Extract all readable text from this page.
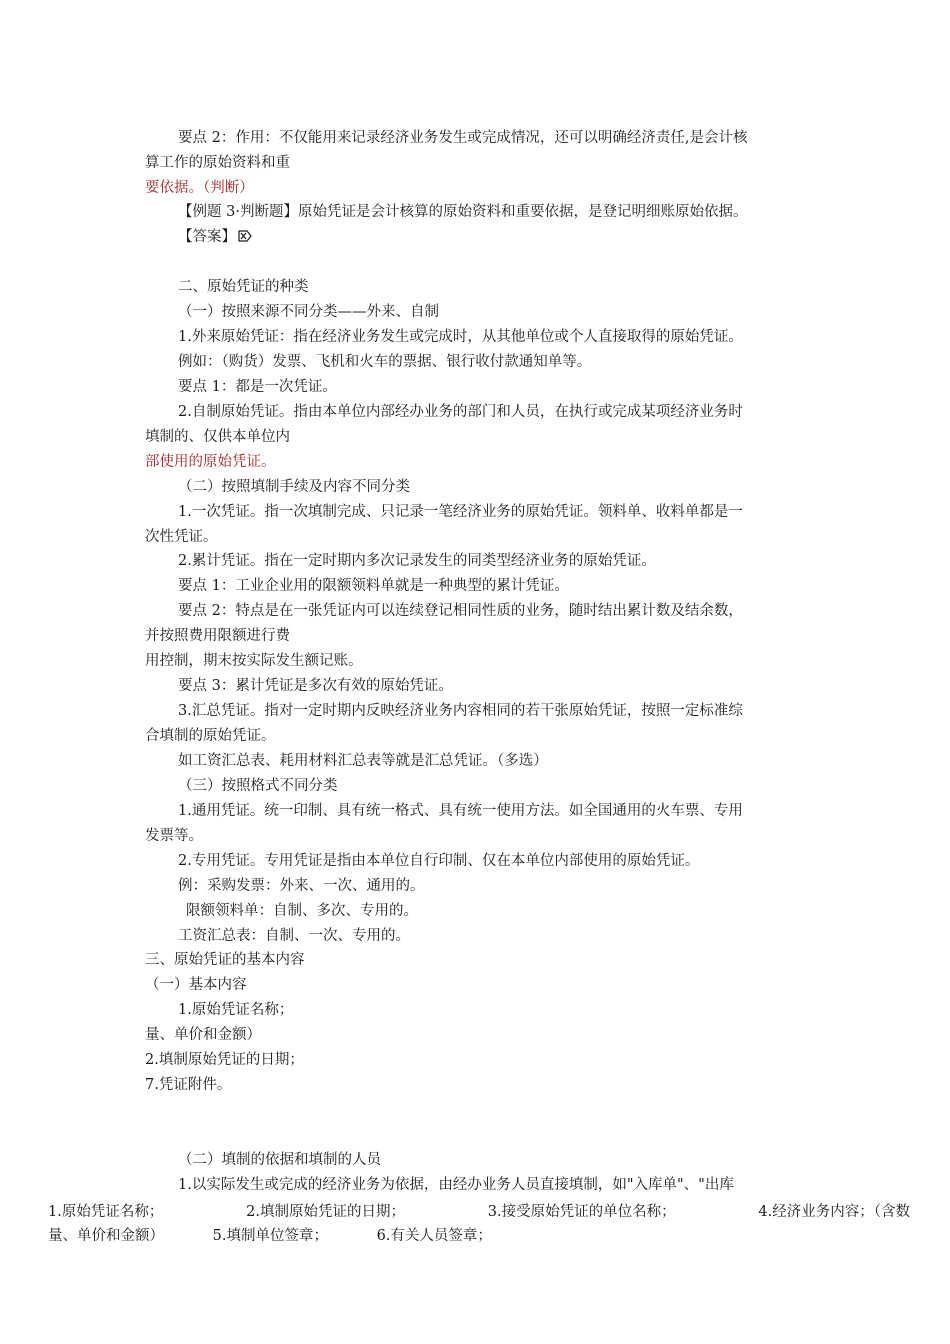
要点 2：作用：不仅能用来记录经济业务发生或完成情况，还可以明确经济责任,是会计核
算工作的原始资料和重
要依据。（判断）
【例题 3·判断题】原始凭证是会计核算的原始资料和重要依据，是登记明细账原始依据。
【答案】
二、原始凭证的种类
（一）按照来源不同分类——外来、自制
1.外来原始凭证：指在经济业务发生或完成时，从其他单位或个人直接取得的原始凭证。
例如：（购货）发票、飞机和火车的票据、银行收付款通知单等。
要点 1：都是一次凭证。
2.自制原始凭证。指由本单位内部经办业务的部门和人员，在执行或完成某项经济业务时
填制的、仅供本单位内
部使用的原始凭证。
（二）按照填制手续及内容不同分类
1.一次凭证。指一次填制完成、只记录一笔经济业务的原始凭证。领料单、收料单都是一
次性凭证。
2.累计凭证。指在一定时期内多次记录发生的同类型经济业务的原始凭证。
要点 1：工业企业用的限额领料单就是一种典型的累计凭证。
要点 2：特点是在一张凭证内可以连续登记相同性质的业务，随时结出累计数及结余数，
并按照费用限额进行费
用控制，期末按实际发生额记账。
要点 3：累计凭证是多次有效的原始凭证。
3.汇总凭证。指对一定时期内反映经济业务内容相同的若干张原始凭证，按照一定标准综
合填制的原始凭证。
如工资汇总表、耗用材料汇总表等就是汇总凭证。（多选）
（三）按照格式不同分类
1.通用凭证。统一印制、具有统一格式、具有统一使用方法。如全国通用的火车票、专用
发票等。
2.专用凭证。专用凭证是指由本单位自行印制、仅在本单位内部使用的原始凭证。
例：采购发票：外来、一次、通用的。
限额领料单：自制、多次、专用的。
工资汇总表：自制、一次、专用的。
三、原始凭证的基本内容
（一）基本内容
1.原始凭证名称；
量、单价和金额）
2.填制原始凭证的日期；
7.凭证附件。
（二）填制的依据和填制的人员
1.以实际发生或完成的经济业务为依据，由经办业务人员直接填制，如"入库单"、"出库
1.原始凭证名称；	2.填制原始凭证的日期；	3.接受原始凭证的单位名称；	4.经济业务内容；（含数
量、单价和金额）	5.填制单位签章；	6.有关人员签章；
